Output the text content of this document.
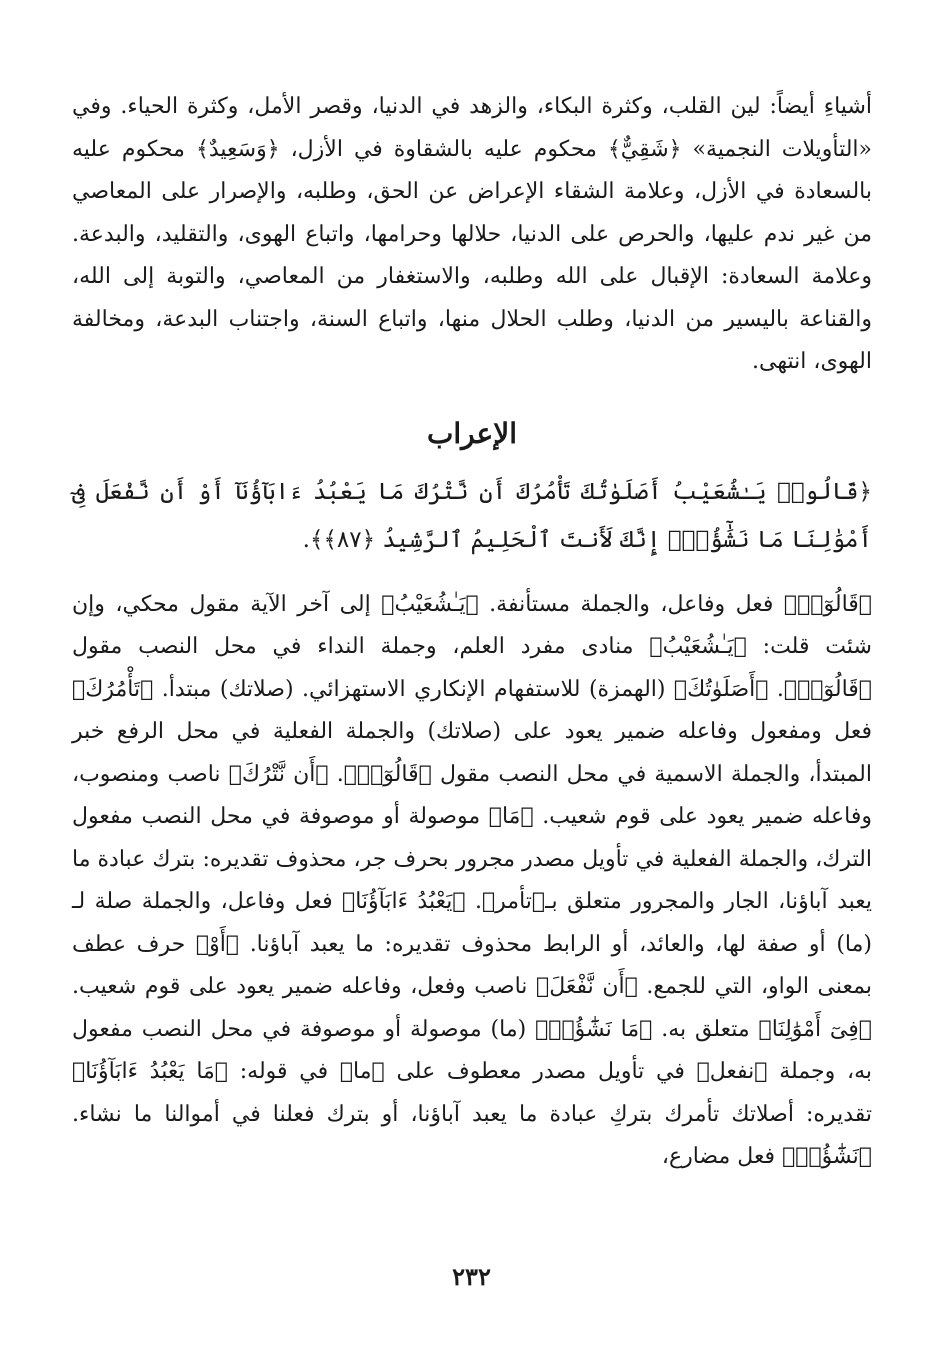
أشياءِ أيضاً: لين القلب، وكثرة البكاء، والزهد في الدنيا، وقصر الأمل، وكثرة الحياء. وفي «التأويلات النجمية» ﴿شَقِيٌّ﴾ محكوم عليه بالشقاوة في الأزل، ﴿وَسَعِيدٌ﴾ محكوم عليه بالسعادة في الأزل، وعلامة الشقاء الإعراض عن الحق، وطلبه، والإصرار على المعاصي من غير ندم عليها، والحرص على الدنيا، حلالها وحرامها، واتباع الهوى، والتقليد، والبدعة. وعلامة السعادة: الإقبال على الله وطلبه، والاستغفار من المعاصي، والتوبة إلى الله، والقناعة باليسير من الدنيا، وطلب الحلال منها، واتباع السنة، واجتناب البدعة، ومخالفة الهوى، انتهى.

الإعراب

﴿قَالُوا۟ يَـٰشُعَيْبُ أَصَلَوٰتُكَ تَأْمُرُكَ أَن نَّتْرُكَ مَا يَعْبُدُ ءَابَآؤُنَآ أَوْ أَن نَّفْعَلَ فِىٓ أَمْوَٰلِنَا مَا نَشَٰٓؤُا۟ۖ إِنَّكَ لَأَنتَ ٱلْحَلِيمُ ٱلرَّشِيدُ ﴿٨٧﴾﴾.

﴿قَالُوٓا۟﴾ فعل وفاعل، والجملة مستأنفة. ﴿يَـٰشُعَيْبُ﴾ إلى آخر الآية مقول محكي، وإن شئت قلت: ﴿يَـٰشُعَيْبُ﴾ منادى مفرد العلم، وجملة النداء في محل النصب مقول ﴿قَالُوٓا۟﴾. ﴿أَصَلَوٰتُكَ﴾ (الهمزة) للاستفهام الإنكاري الاستهزائي. (صلاتك) مبتدأ. ﴿تَأْمُرُكَ﴾ فعل ومفعول وفاعله ضمير يعود على (صلاتك) والجملة الفعلية في محل الرفع خبر المبتدأ، والجملة الاسمية في محل النصب مقول ﴿قَالُوٓا۟﴾. ﴿أَن نَّتْرُكَ﴾ ناصب ومنصوب، وفاعله ضمير يعود على قوم شعيب. ﴿مَا﴾ موصولة أو موصوفة في محل النصب مفعول الترك، والجملة الفعلية في تأويل مصدر مجرور بحرف جر، محذوف تقديره: بترك عبادة ما يعبد آباؤنا، الجار والمجرور متعلق بـ﴿تأمر﴾. ﴿يَعْبُدُ ءَابَآؤُنَا﴾ فعل وفاعل، والجملة صلة لـ (ما) أو صفة لها، والعائد، أو الرابط محذوف تقديره: ما يعبد آباؤنا. ﴿أَوْ﴾ حرف عطف بمعنى الواو، التي للجمع. ﴿أَن نَّفْعَلَ﴾ ناصب وفعل، وفاعله ضمير يعود على قوم شعيب. ﴿فِىٓ أَمْوَٰلِنَا﴾ متعلق به. ﴿مَا نَشَٰٓؤُا۟﴾ (ما) موصولة أو موصوفة في محل النصب مفعول به، وجملة ﴿نفعل﴾ في تأويل مصدر معطوف على ﴿ما﴾ في قوله: ﴿مَا يَعْبُدُ ءَابَآؤُنَا﴾ تقديره: أصلاتك تأمرك بتركِ عبادة ما يعبد آباؤنا، أو بترك فعلنا في أموالنا ما نشاء. ﴿نَشَٰٓؤُا۟﴾ فعل مضارع،

٢٣٢
